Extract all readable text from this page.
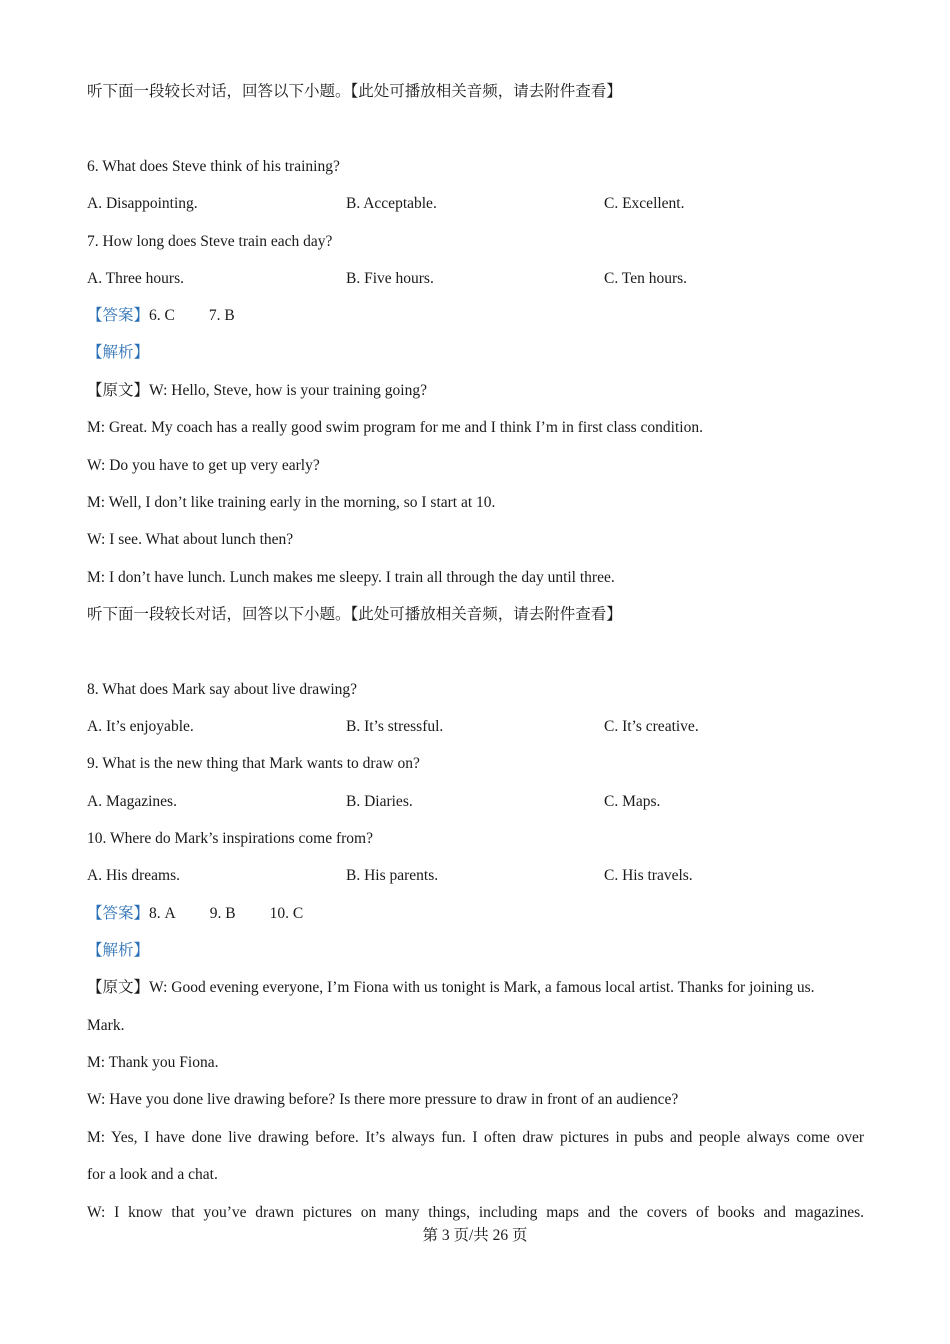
听下面一段较长对话，回答以下小题。【此处可播放相关音频，请去附件查看】
6. What does Steve think of his training?
A. Disappointing.	B. Acceptable.	C. Excellent.
7. How long does Steve train each day?
A. Three hours.	B. Five hours.	C. Ten hours.
【答案】6. C 7. B
【解析】
【原文】W: Hello, Steve, how is your training going?
M: Great. My coach has a really good swim program for me and I think I’m in first class condition.
W: Do you have to get up very early?
M: Well, I don’t like training early in the morning, so I start at 10.
W: I see. What about lunch then?
M: I don’t have lunch. Lunch makes me sleepy. I train all through the day until three.
听下面一段较长对话，回答以下小题。【此处可播放相关音频，请去附件查看】
8. What does Mark say about live drawing?
A. It’s enjoyable.	B. It’s stressful.	C. It’s creative.
9. What is the new thing that Mark wants to draw on?
A. Magazines.	B. Diaries.	C. Maps.
10. Where do Mark’s inspirations come from?
A. His dreams.	B. His parents.	C. His travels.
【答案】8. A 9. B 10. C
【解析】
【原文】W: Good evening everyone, I’m Fiona with us tonight is Mark, a famous local artist. Thanks for joining us.
Mark.
M: Thank you Fiona.
W: Have you done live drawing before? Is there more pressure to draw in front of an audience?
M: Yes, I have done live drawing before. It’s always fun. I often draw pictures in pubs and people always come over
for a look and a chat.
W: I know that you’ve drawn pictures on many things, including maps and the covers of books and magazines.
第 3 页/共 26 页
